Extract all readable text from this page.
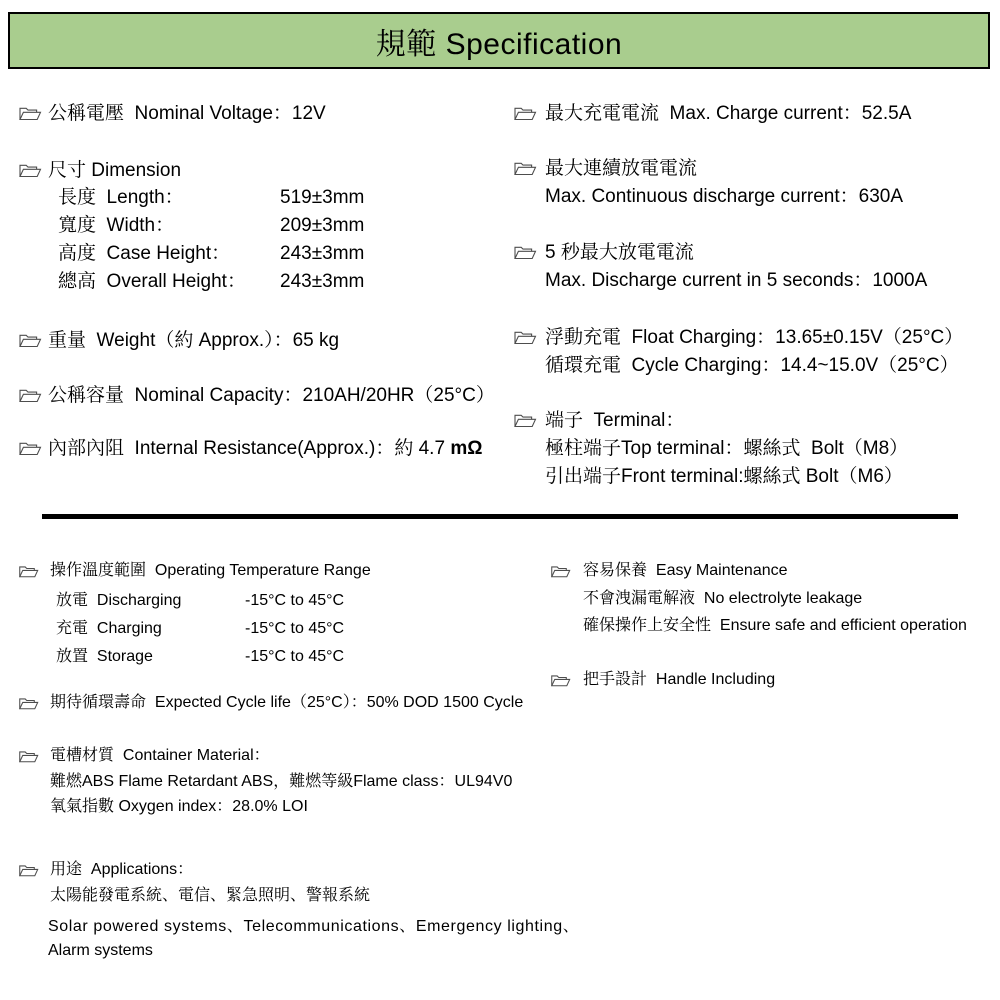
規範 Specification
公稱電壓  Nominal Voltage：12V
尺寸 Dimension
長度  Length：	519±3mm
寬度  Width：	209±3mm
高度  Case Height：	243±3mm
總高  Overall Height： 243±3mm
重量  Weight（約 Approx.）：65 kg
公稱容量  Nominal Capacity：210AH/20HR（25°C）
內部內阻  Internal Resistance(Approx.)：約 4.7 mΩ
最大充電電流  Max. Charge current：52.5A
最大連續放電電流
Max. Continuous discharge current：630A
5 秒最大放電電流
Max. Discharge current in 5 seconds：1000A
浮動充電  Float Charging：13.65±0.15V（25°C）
循環充電  Cycle Charging：14.4~15.0V（25°C）
端子  Terminal：
極柱端子Top terminal：螺絲式  Bolt（M8）
引出端子Front terminal:螺絲式 Bolt（M6）
操作溫度範圍  Operating Temperature Range
放電  Discharging	-15°C to 45°C
充電  Charging	-15°C to 45°C
放置  Storage	-15°C to 45°C
期待循環壽命  Expected Cycle life（25°C）：50% DOD 1500 Cycle
電槽材質  Container Material：
難燃ABS Flame Retardant ABS，難燃等級Flame class：UL94V0
氧氣指數 Oxygen index：28.0% LOI
用途  Applications：
太陽能發電系統、電信、緊急照明、警報系統
Solar powered systems、Telecommunications、Emergency lighting、
Alarm systems
容易保養  Easy Maintenance
不會洩漏電解液  No electrolyte leakage
確保操作上安全性  Ensure safe and efficient operation
把手設計  Handle Including
